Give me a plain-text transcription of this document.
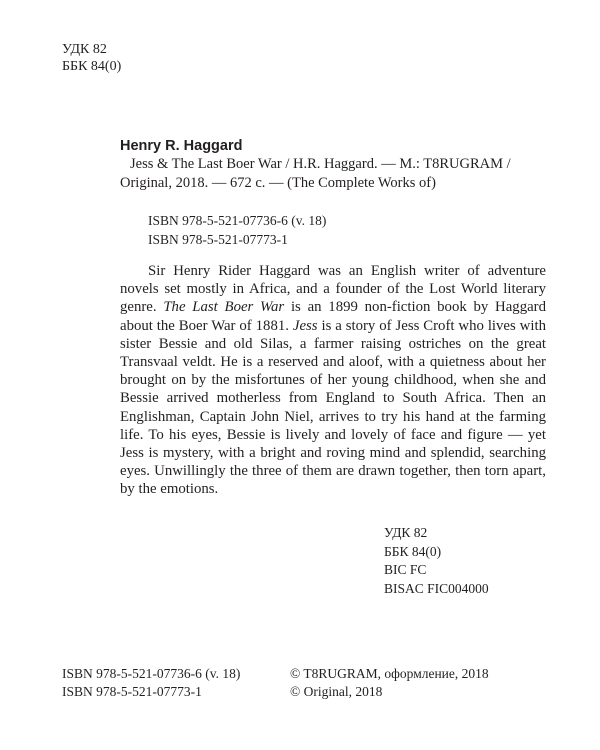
УДК 82
ББК 84(0)
Henry R. Haggard
Jess & The Last Boer War / H.R. Haggard. — M.: T8RUGRAM /
Original, 2018. — 672 с. — (The Complete Works of)
ISBN 978-5-521-07736-6 (v. 18)
ISBN 978-5-521-07773-1

Sir Henry Rider Haggard was an English writer of adventure novels set mostly in Africa, and a founder of the Lost World literary genre. The Last Boer War is an 1899 non-fiction book by Haggard about the Boer War of 1881. Jess is a story of Jess Croft who lives with sister Bessie and old Silas, a farmer raising ostriches on the great Transvaal veldt. He is a reserved and aloof, with a quietness about her brought on by the misfortunes of her young childhood, when she and Bessie arrived motherless from England to South Africa. Then an Englishman, Captain John Niel, arrives to try his hand at the farming life. To his eyes, Bessie is lively and lovely of face and figure — yet Jess is mystery, with a bright and roving mind and splendid, searching eyes. Unwillingly the three of them are drawn together, then torn apart, by the emotions.

УДК 82
ББК 84(0)
BIC FC
BISAC FIC004000
ISBN 978-5-521-07736-6 (v. 18)
ISBN 978-5-521-07773-1
© T8RUGRAM, оформление, 2018
© Original, 2018
